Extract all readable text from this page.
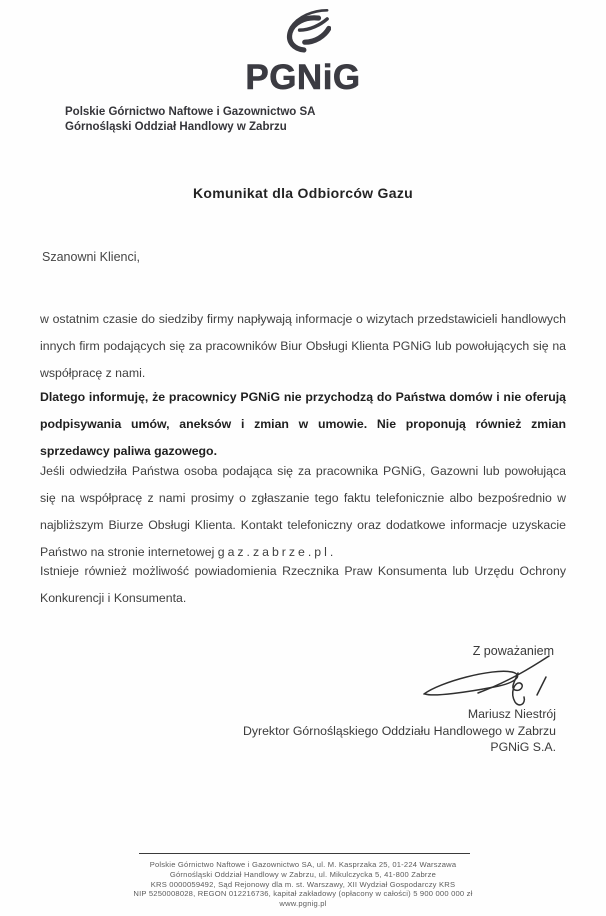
PGNiG
Polskie Górnictwo Naftowe i Gazownictwo SA
Górnośląski Oddział Handlowy w Zabrzu
Komunikat dla Odbiorców Gazu
Szanowni Klienci,

w ostatnim czasie do siedziby firmy napływają informacje o wizytach przedstawicieli handlowych innych firm podających się za pracowników Biur Obsługi Klienta PGNiG lub powołujących się na współpracę z nami.

Dlatego informuję, że pracownicy PGNiG nie przychodzą do Państwa domów i nie oferują podpisywania umów, aneksów i zmian w umowie. Nie proponują również zmian sprzedawcy paliwa gazowego.

Jeśli odwiedziła Państwa osoba podająca się za pracownika PGNiG, Gazowni lub powołująca się na współpracę z nami prosimy o zgłaszanie tego faktu telefonicznie albo bezpośrednio w najbliższym Biurze Obsługi Klienta. Kontakt telefoniczny oraz dodatkowe informacje uzyskacie Państwo na stronie internetowej gaz.zabrze.pl.

Istnieje również możliwość powiadomienia Rzecznika Praw Konsumenta lub Urzędu Ochrony Konkurencji i Konsumenta.

Z poważaniem
Mariusz Niestrój
Dyrektor Górnośląskiego Oddziału Handlowego w Zabrzu
PGNiG S.A.
Polskie Górnictwo Naftowe i Gazownictwo SA, ul. M. Kasprzaka 25, 01-224 Warszawa
Górnośląski Oddział Handlowy w Zabrzu, ul. Mikulczycka 5, 41-800 Zabrze
KRS 0000059492, Sąd Rejonowy dla m. st. Warszawy, XII Wydział Gospodarczy KRS
NIP 5250008028, REGON 012216736, kapitał zakładowy (opłacony w całości) 5 900 000 000 zł
www.pgnig.pl
